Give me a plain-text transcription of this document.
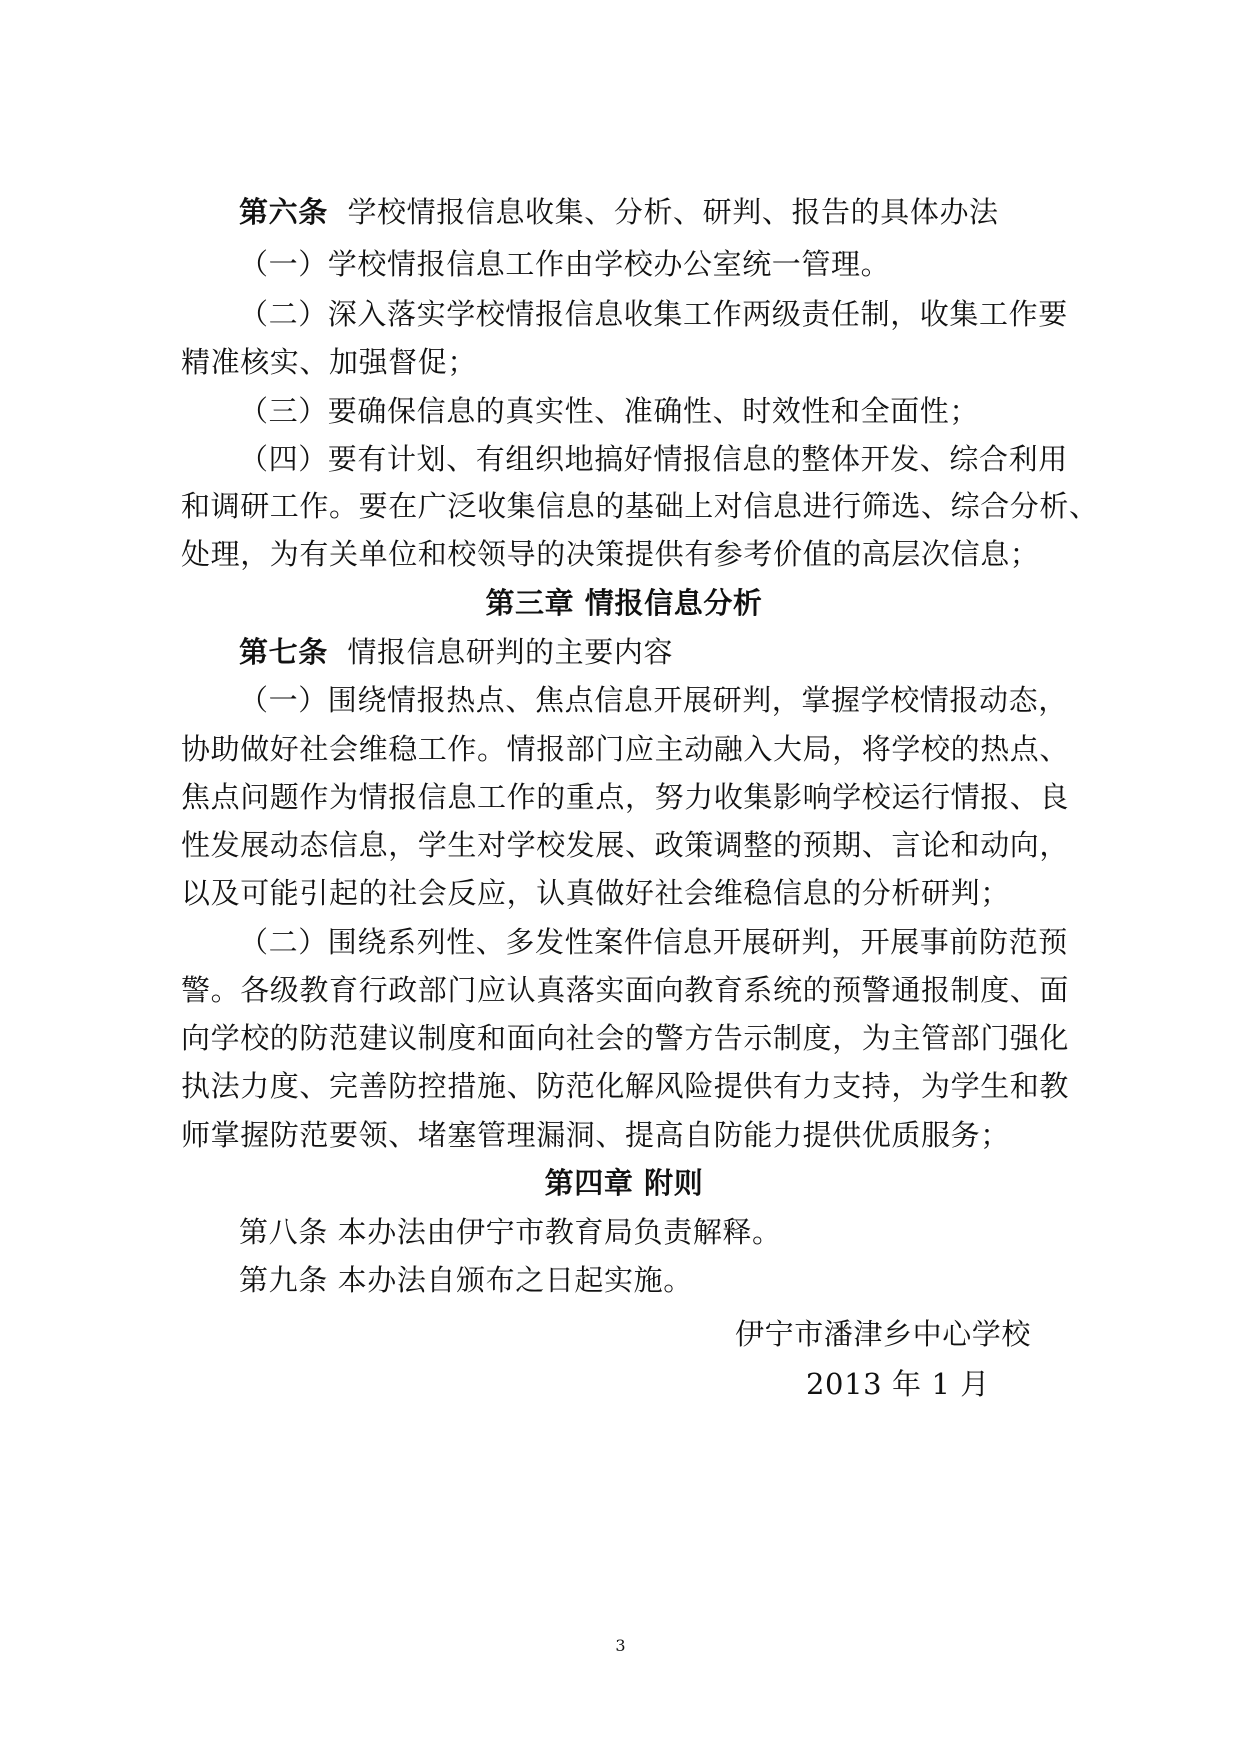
第六条 学校情报信息收集、分析、研判、报告的具体办法
（一）学校情报信息工作由学校办公室统一管理。
（二）深入落实学校情报信息收集工作两级责任制，收集工作要
精准核实、加强督促；
（三）要确保信息的真实性、准确性、时效性和全面性；
（四）要有计划、有组织地搞好情报信息的整体开发、综合利用
和调研工作。要在广泛收集信息的基础上对信息进行筛选、综合分析、
处理，为有关单位和校领导的决策提供有参考价值的高层次信息；
第三章 情报信息分析
第七条 情报信息研判的主要内容
（一）围绕情报热点、焦点信息开展研判，掌握学校情报动态，
协助做好社会维稳工作。情报部门应主动融入大局，将学校的热点、
焦点问题作为情报信息工作的重点，努力收集影响学校运行情报、良
性发展动态信息，学生对学校发展、政策调整的预期、言论和动向，
以及可能引起的社会反应，认真做好社会维稳信息的分析研判；
（二）围绕系列性、多发性案件信息开展研判，开展事前防范预
警。各级教育行政部门应认真落实面向教育系统的预警通报制度、面
向学校的防范建议制度和面向社会的警方告示制度，为主管部门强化
执法力度、完善防控措施、防范化解风险提供有力支持，为学生和教
师掌握防范要领、堵塞管理漏洞、提高自防能力提供优质服务；
第四章 附则
第八条 本办法由伊宁市教育局负责解释。
第九条 本办法自颁布之日起实施。
伊宁市潘津乡中心学校
2013 年 1 月
3
